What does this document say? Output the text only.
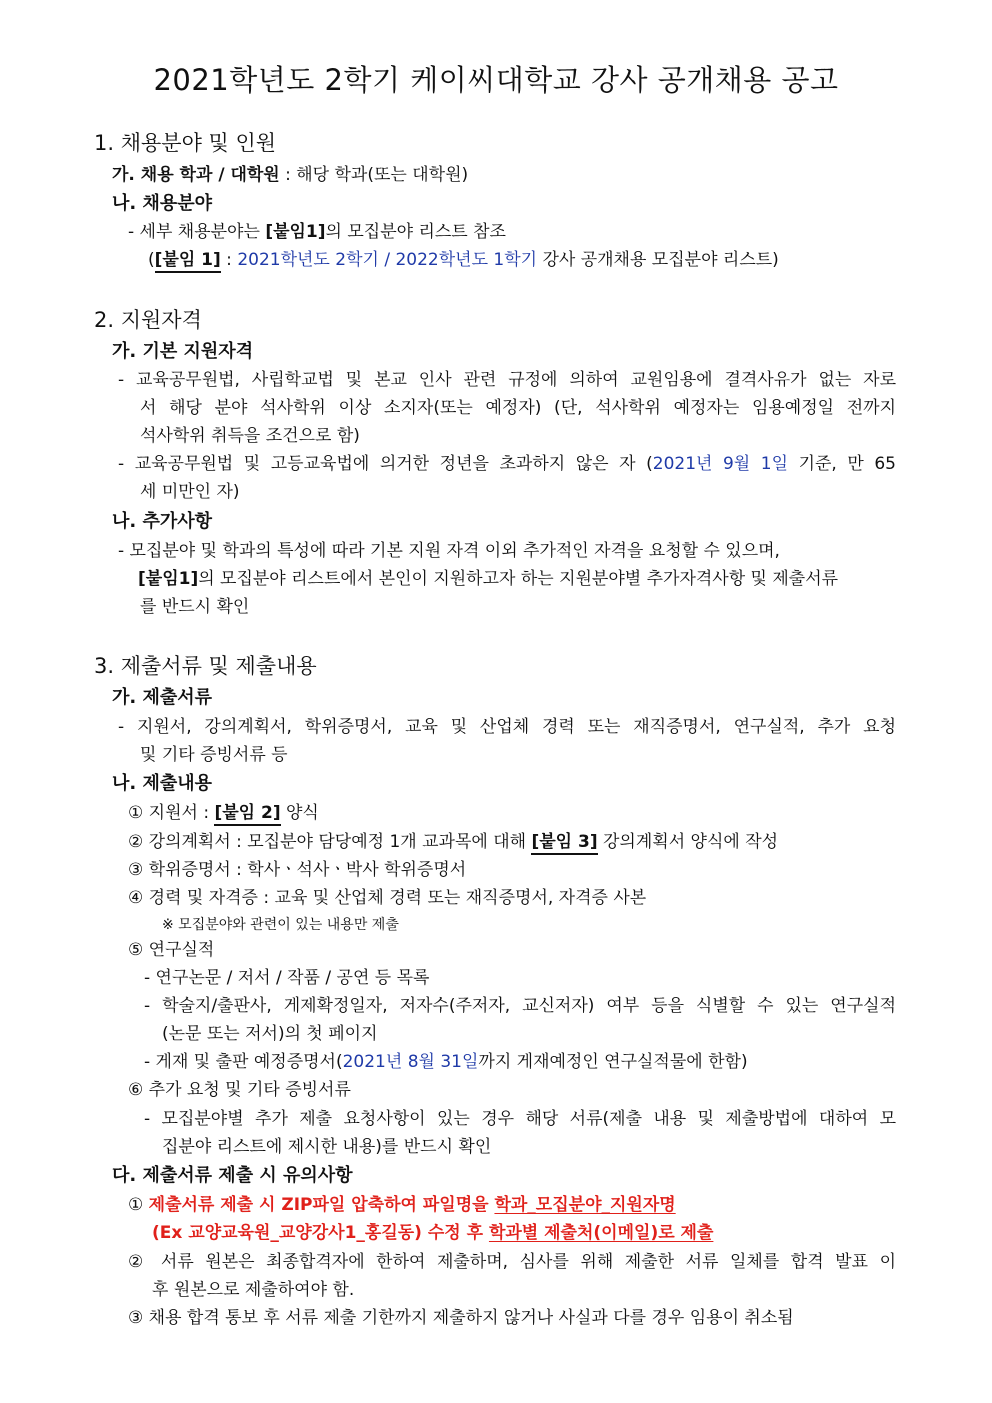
2021학년도 2학기 케이씨대학교 강사 공개채용 공고
1. 채용분야 및 인원
가. 채용 학과 / 대학원 : 해당 학과(또는 대학원)
나. 채용분야
- 세부 채용분야는 [붙임1]의 모집분야 리스트 참조
([붙임 1] : 2021학년도 2학기 / 2022학년도 1학기 강사 공개채용 모집분야 리스트)
2. 지원자격
가. 기본 지원자격
- 교육공무원법, 사립학교법 및 본교 인사 관련 규정에 의하여 교원임용에 결격사유가 없는 자로
서 해당 분야 석사학위 이상 소지자(또는 예정자) (단, 석사학위 예정자는 임용예정일 전까지
석사학위 취득을 조건으로 함)
- 교육공무원법 및 고등교육법에 의거한 정년을 초과하지 않은 자 (2021년 9월 1일 기준, 만 65
세 미만인 자)
나. 추가사항
- 모집분야 및 학과의 특성에 따라 기본 지원 자격 이외 추가적인 자격을 요청할 수 있으며,
[붙임1]의 모집분야 리스트에서 본인이 지원하고자 하는 지원분야별 추가자격사항 및 제출서류
를 반드시 확인
3. 제출서류 및 제출내용
가. 제출서류
- 지원서, 강의계획서, 학위증명서, 교육 및 산업체 경력 또는 재직증명서, 연구실적, 추가 요청
및 기타 증빙서류 등
나. 제출내용
① 지원서 : [붙임 2] 양식
② 강의계획서 : 모집분야 담당예정 1개 교과목에 대해 [붙임 3] 강의계획서 양식에 작성
③ 학위증명서 : 학사ㆍ석사ㆍ박사 학위증명서
④ 경력 및 자격증 : 교육 및 산업체 경력 또는 재직증명서, 자격증 사본
※ 모집분야와 관련이 있는 내용만 제출
⑤ 연구실적
- 연구논문 / 저서 / 작품 / 공연 등 목록
- 학술지/출판사, 게제확정일자, 저자수(주저자, 교신저자) 여부 등을 식별할 수 있는 연구실적
(논문 또는 저서)의 첫 페이지
- 게재 및 출판 예정증명서(2021년 8월 31일까지 게재예정인 연구실적물에 한함)
⑥ 추가 요청 및 기타 증빙서류
- 모집분야별 추가 제출 요청사항이 있는 경우 해당 서류(제출 내용 및 제출방법에 대하여 모
집분야 리스트에 제시한 내용)를 반드시 확인
다. 제출서류 제출 시 유의사항
① 제출서류 제출 시 ZIP파일 압축하여 파일명을 학과_모집분야_지원자명
(Ex 교양교육원_교양강사1_홍길동) 수정 후 학과별 제출처(이메일)로 제출
② 서류 원본은 최종합격자에 한하여 제출하며, 심사를 위해 제출한 서류 일체를 합격 발표 이
후 원본으로 제출하여야 함.
③ 채용 합격 통보 후 서류 제출 기한까지 제출하지 않거나 사실과 다를 경우 임용이 취소됨
